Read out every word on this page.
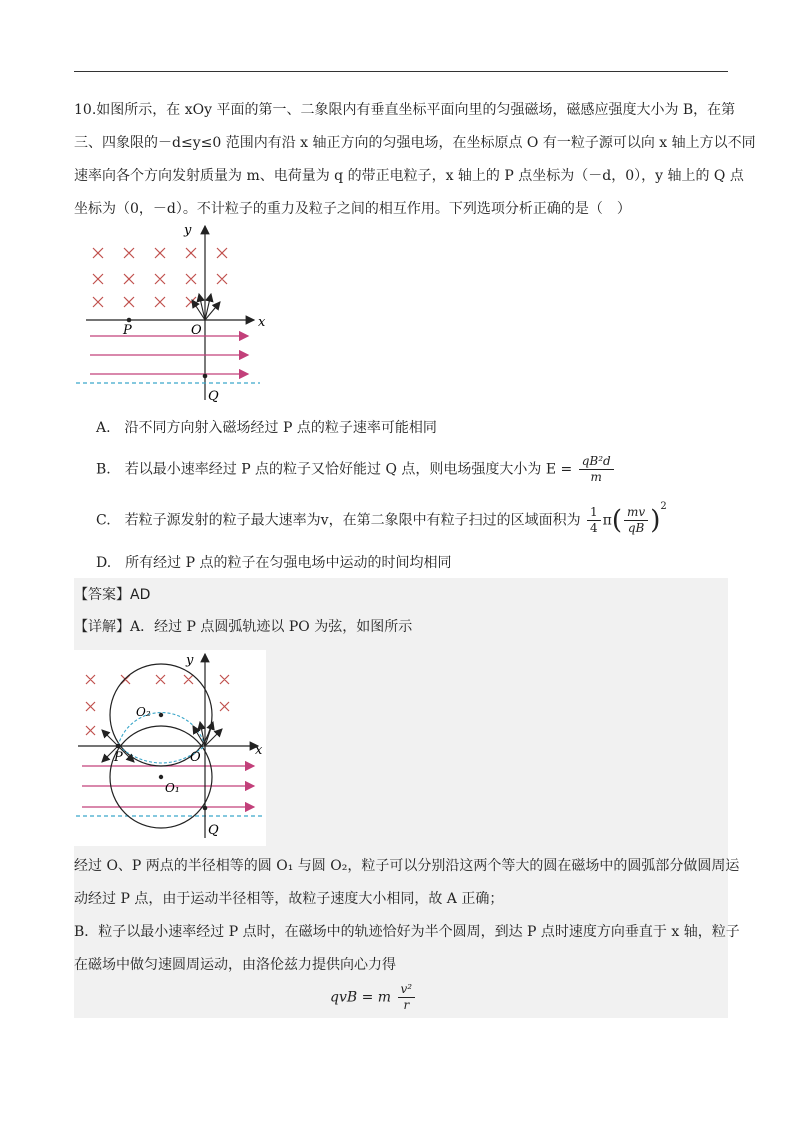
10.如图所示，在 xOy 平面的第一、二象限内有垂直坐标平面向里的匀强磁场，磁感应强度大小为 B，在第
三、四象限的－d≤y≤0 范围内有沿 x 轴正方向的匀强电场，在坐标原点 O 有一粒子源可以向 x 轴上方以不同
速率向各个方向发射质量为 m、电荷量为 q 的带正电粒子，x 轴上的 P 点坐标为（－d，0），y 轴上的 Q 点
坐标为（0，－d）。不计粒子的重力及粒子之间的相互作用。下列选项分析正确的是（　）
y
x
P	O
Q
A.　沿不同方向射入磁场经过 P 点的粒子速率可能相同
B.　若以最小速率经过 P 点的粒子又恰好能过 Q 点，则电场强度大小为 $E = \frac{\text{qB²d}}{m}$
C.　若粒子源发射的粒子最大速率为v，在第二象限中有粒子扫过的区域面积为 $\frac{1}{4} \pi( \frac{mv}{qB} )^2$
D.　所有经过 P 点的粒子在匀强电场中运动的时间均相同
【答案】AD
【详解】A．经过 P 点圆弧轨迹以 PO 为弦，如图所示
y
x
P	O
Q
O₁
O₂
经过 O、P 两点的半径相等的圆 O₁ 与圆 O₂，粒子可以分别沿这两个等大的圆在磁场中的圆弧部分做圆周运
动经过 P 点，由于运动半径相等，故粒子速度大小相同，故 A 正确；
B．粒子以最小速率经过 P 点时，在磁场中的轨迹恰好为半个圆周，到达 P 点时速度方向垂直于 x 轴，粒子
在磁场中做匀速圆周运动，由洛伦兹力提供向心力得
qvB = m $\frac{\text{v²}}{r}$
